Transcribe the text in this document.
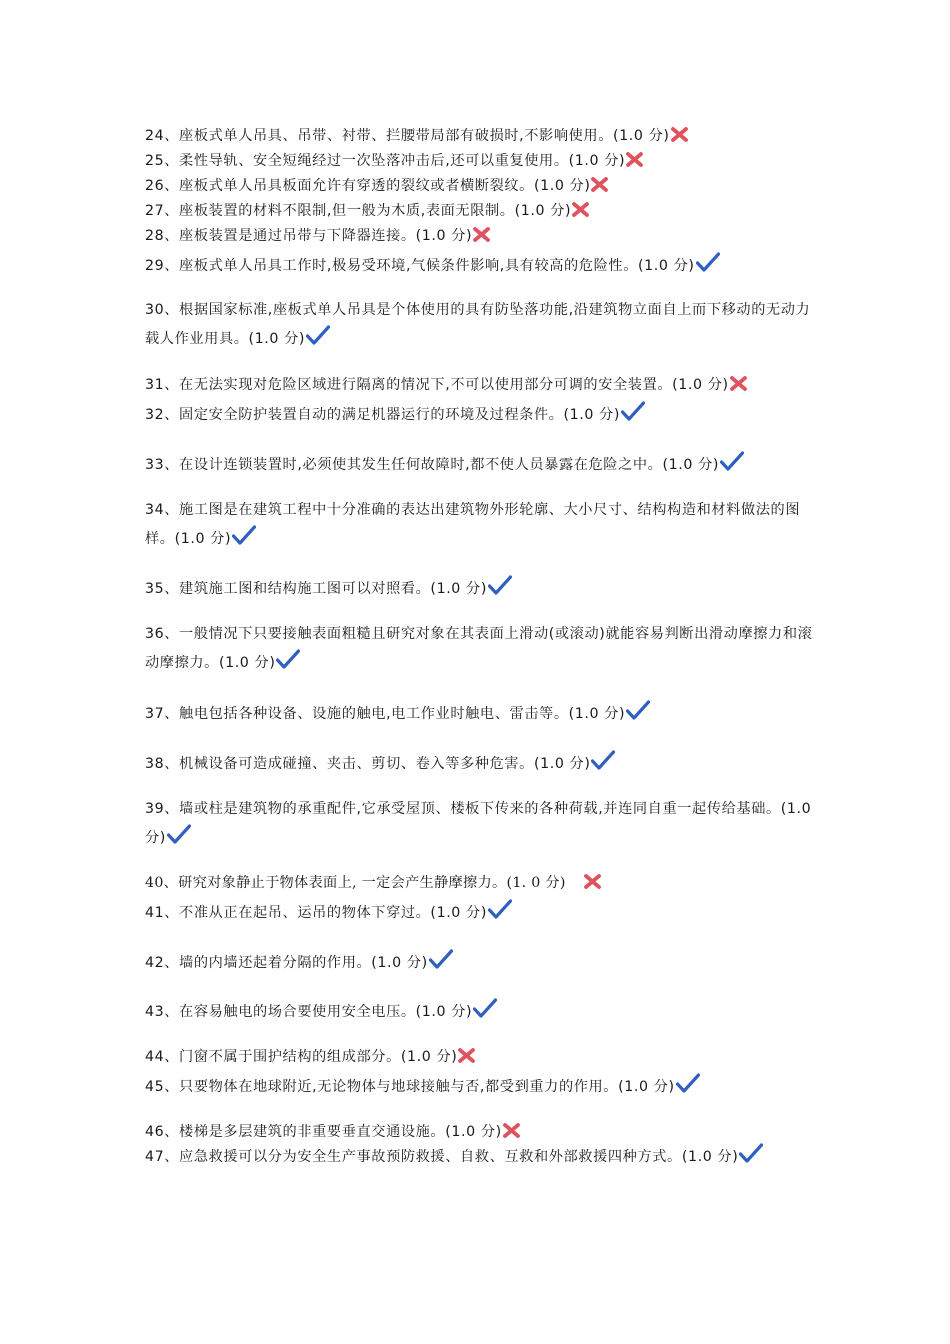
24、座板式单人吊具、吊带、衬带、拦腰带局部有破损时,不影响使用。(1.0 分)
25、柔性导轨、安全短绳经过一次坠落冲击后,还可以重复使用。(1.0 分)
26、座板式单人吊具板面允许有穿透的裂纹或者横断裂纹。(1.0 分)
27、座板装置的材料不限制,但一般为木质,表面无限制。(1.0 分)
28、座板装置是通过吊带与下降器连接。(1.0 分)
29、座板式单人吊具工作时,极易受环境,气候条件影响,具有较高的危险性。(1.0 分)
30、根据国家标准,座板式单人吊具是个体使用的具有防坠落功能,沿建筑物立面自上而下移动的无动力载人作业用具。(1.0 分)
31、在无法实现对危险区域进行隔离的情况下,不可以使用部分可调的安全装置。(1.0 分)
32、固定安全防护装置自动的满足机器运行的环境及过程条件。(1.0 分)
33、在设计连锁装置时,必须使其发生任何故障时,都不使人员暴露在危险之中。(1.0 分)
34、施工图是在建筑工程中十分准确的表达出建筑物外形轮廓、大小尺寸、结构构造和材料做法的图样。(1.0 分)
35、建筑施工图和结构施工图可以对照看。(1.0 分)
36、一般情况下只要接触表面粗糙且研究对象在其表面上滑动(或滚动)就能容易判断出滑动摩擦力和滚动摩擦力。(1.0 分)
37、触电包括各种设备、设施的触电,电工作业时触电、雷击等。(1.0 分)
38、机械设备可造成碰撞、夹击、剪切、卷入等多种危害。(1.0 分)
39、墙或柱是建筑物的承重配件,它承受屋顶、楼板下传来的各种荷载,并连同自重一起传给基础。(1.0 分)
40、研究对象静止于物体表面上, 一定会产生静摩擦力。(1. 0 分)
41、不准从正在起吊、运吊的物体下穿过。(1.0 分)
42、墙的内墙还起着分隔的作用。(1.0 分)
43、在容易触电的场合要使用安全电压。(1.0 分)
44、门窗不属于围护结构的组成部分。(1.0 分)
45、只要物体在地球附近,无论物体与地球接触与否,都受到重力的作用。(1.0 分)
46、楼梯是多层建筑的非重要垂直交通设施。(1.0 分)
47、应急救援可以分为安全生产事故预防救援、自救、互救和外部救援四种方式。(1.0 分)
